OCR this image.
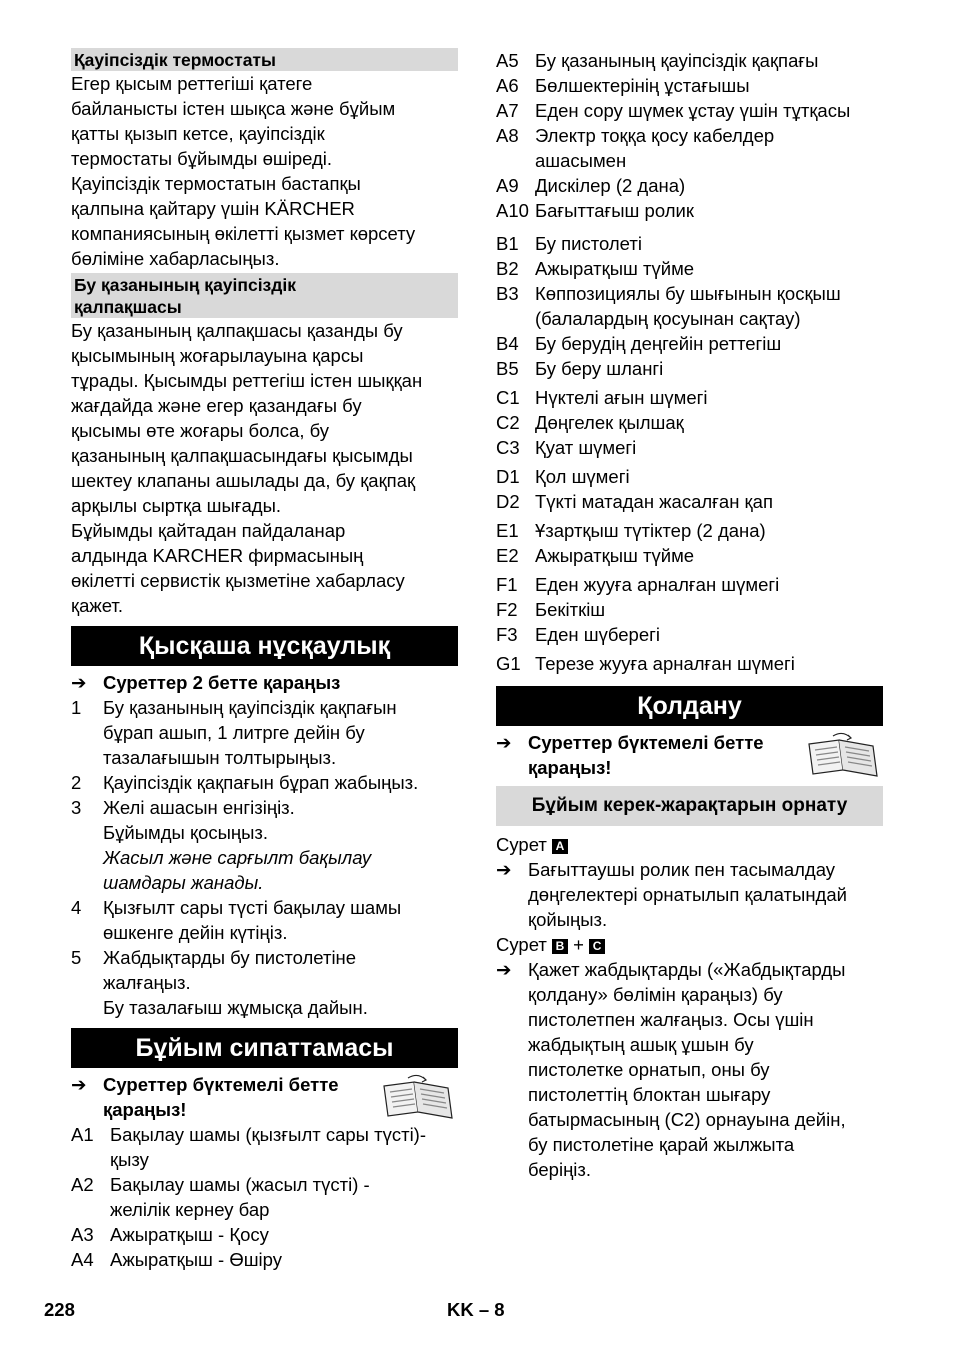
Қауіпсіздік термостаты

Егер қысым реттегіші қатеге

байланысты істен шықса және бұйым

қатты қызып кетсе, қауіпсіздік

термостаты бұйымды өшіреді.

Қауіпсіздік термостатын бастапқы

қалпына қайтару үшін KÄRCHER

компаниясының өкілетті қызмет көрсету

бөліміне хабарласыңыз.

Бу қазанының қауіпсіздік

қалпақшасы

Бу қазанының қалпақшасы қазанды бу

қысымының жоғарылауына қарсы

тұрады. Қысымды реттегіш істен шыққан

жағдайда және егер қазандағы бу

қысымы өте жоғары болса, бу

қазанының қалпақшасындағы қысымды

шектеу клапаны ашылады да, бу қақпақ

арқылы сыртқа шығады.

Бұйымды қайтадан пайдаланар

алдында KARCHER фирмасының

өкілетті сервистік қызметіне хабарласу

қажет.

Қысқаша нұсқаулық
➔ Суреттер 2 бетте қараңыз
1	Бу қазанының қауіпсіздік қақпағын

бұрап ашып, 1 литрге дейін бу

тазалағышын толтырыңыз.

2	Қауіпсіздік қақпағын бұрап жабыңыз.

3	Желі ашасын енгізіңіз.

Бұйымды қосыңыз.

Жасыл және сарғылт бақылау

шамдары жанады.

4	Қызғылт сары түсті бақылау шамы

өшкенге дейін күтіңіз.

5	Жабдықтарды бу пистолетіне

жалғаңыз.

Бу тазалағыш жұмысқа дайын.

Бұйым сипаттамасы
➔ Суреттер бүктемелі бетте

қараңыз!

A1 Бақылау шамы (қызғылт сары түсті)-

қызу

A2 Бақылау шамы (жасыл түсті) -

желілік кернеу бар

A3 Ажыратқыш - Қосу

A4 Ажыратқыш - Өшіру

A5 Бу қазанының қауіпсіздік қақпағы

A6 Бөлшектерінің ұстағышы

A7 Еден сору шүмек ұстау үшін тұтқасы

A8 Электр тоққа қосу кабелдер

ашасымен

A9 Дискілер (2 дана)

A10 Бағыттағыш ролик

B1 Бу пистолеті

B2 Ажыратқыш түйме

B3 Көппозициялы бу шығынын қосқыш

(балалардың қосуынан сақтау)

B4 Бу берудің деңгейін реттегіш

B5 Бу беру шлангі

C1 Нүктелі ағын шүмегі

C2 Дөңгелек қылшақ

C3 Қуат шүмегі

D1 Қол шүмегі

D2 Түкті матадан жасалған қап

E1 Ұзартқыш түтіктер (2 дана)

E2 Ажыратқыш түйме

F1 Еден жууға арналған шүмегі

F2 Бекіткіш

F3 Еден шүберегі

G1 Терезе жууға арналған шүмегі

Қолдану
➔ Суреттер бүктемелі бетте

қараңыз!

Бұйым керек-жарақтарын орнату

Сурет A

➔ Бағыттаушы ролик пен тасымалдау

дөңгелектері орнатылып қалатындай

қойыңыз.

Сурет B + C

➔ Қажет жабдықтарды («Жабдықтарды

қолдану» бөлімін қараңыз) бу

пистолетпен жалғаңыз. Осы үшін

жабдықтың ашық ұшын бу

пистолетке орнатып, оны бу

пистолеттің блоктан шығару

батырмасының (C2) орнауына дейін,

бу пистолетіне қарай жылжыта

беріңіз.

228	KK – 8
